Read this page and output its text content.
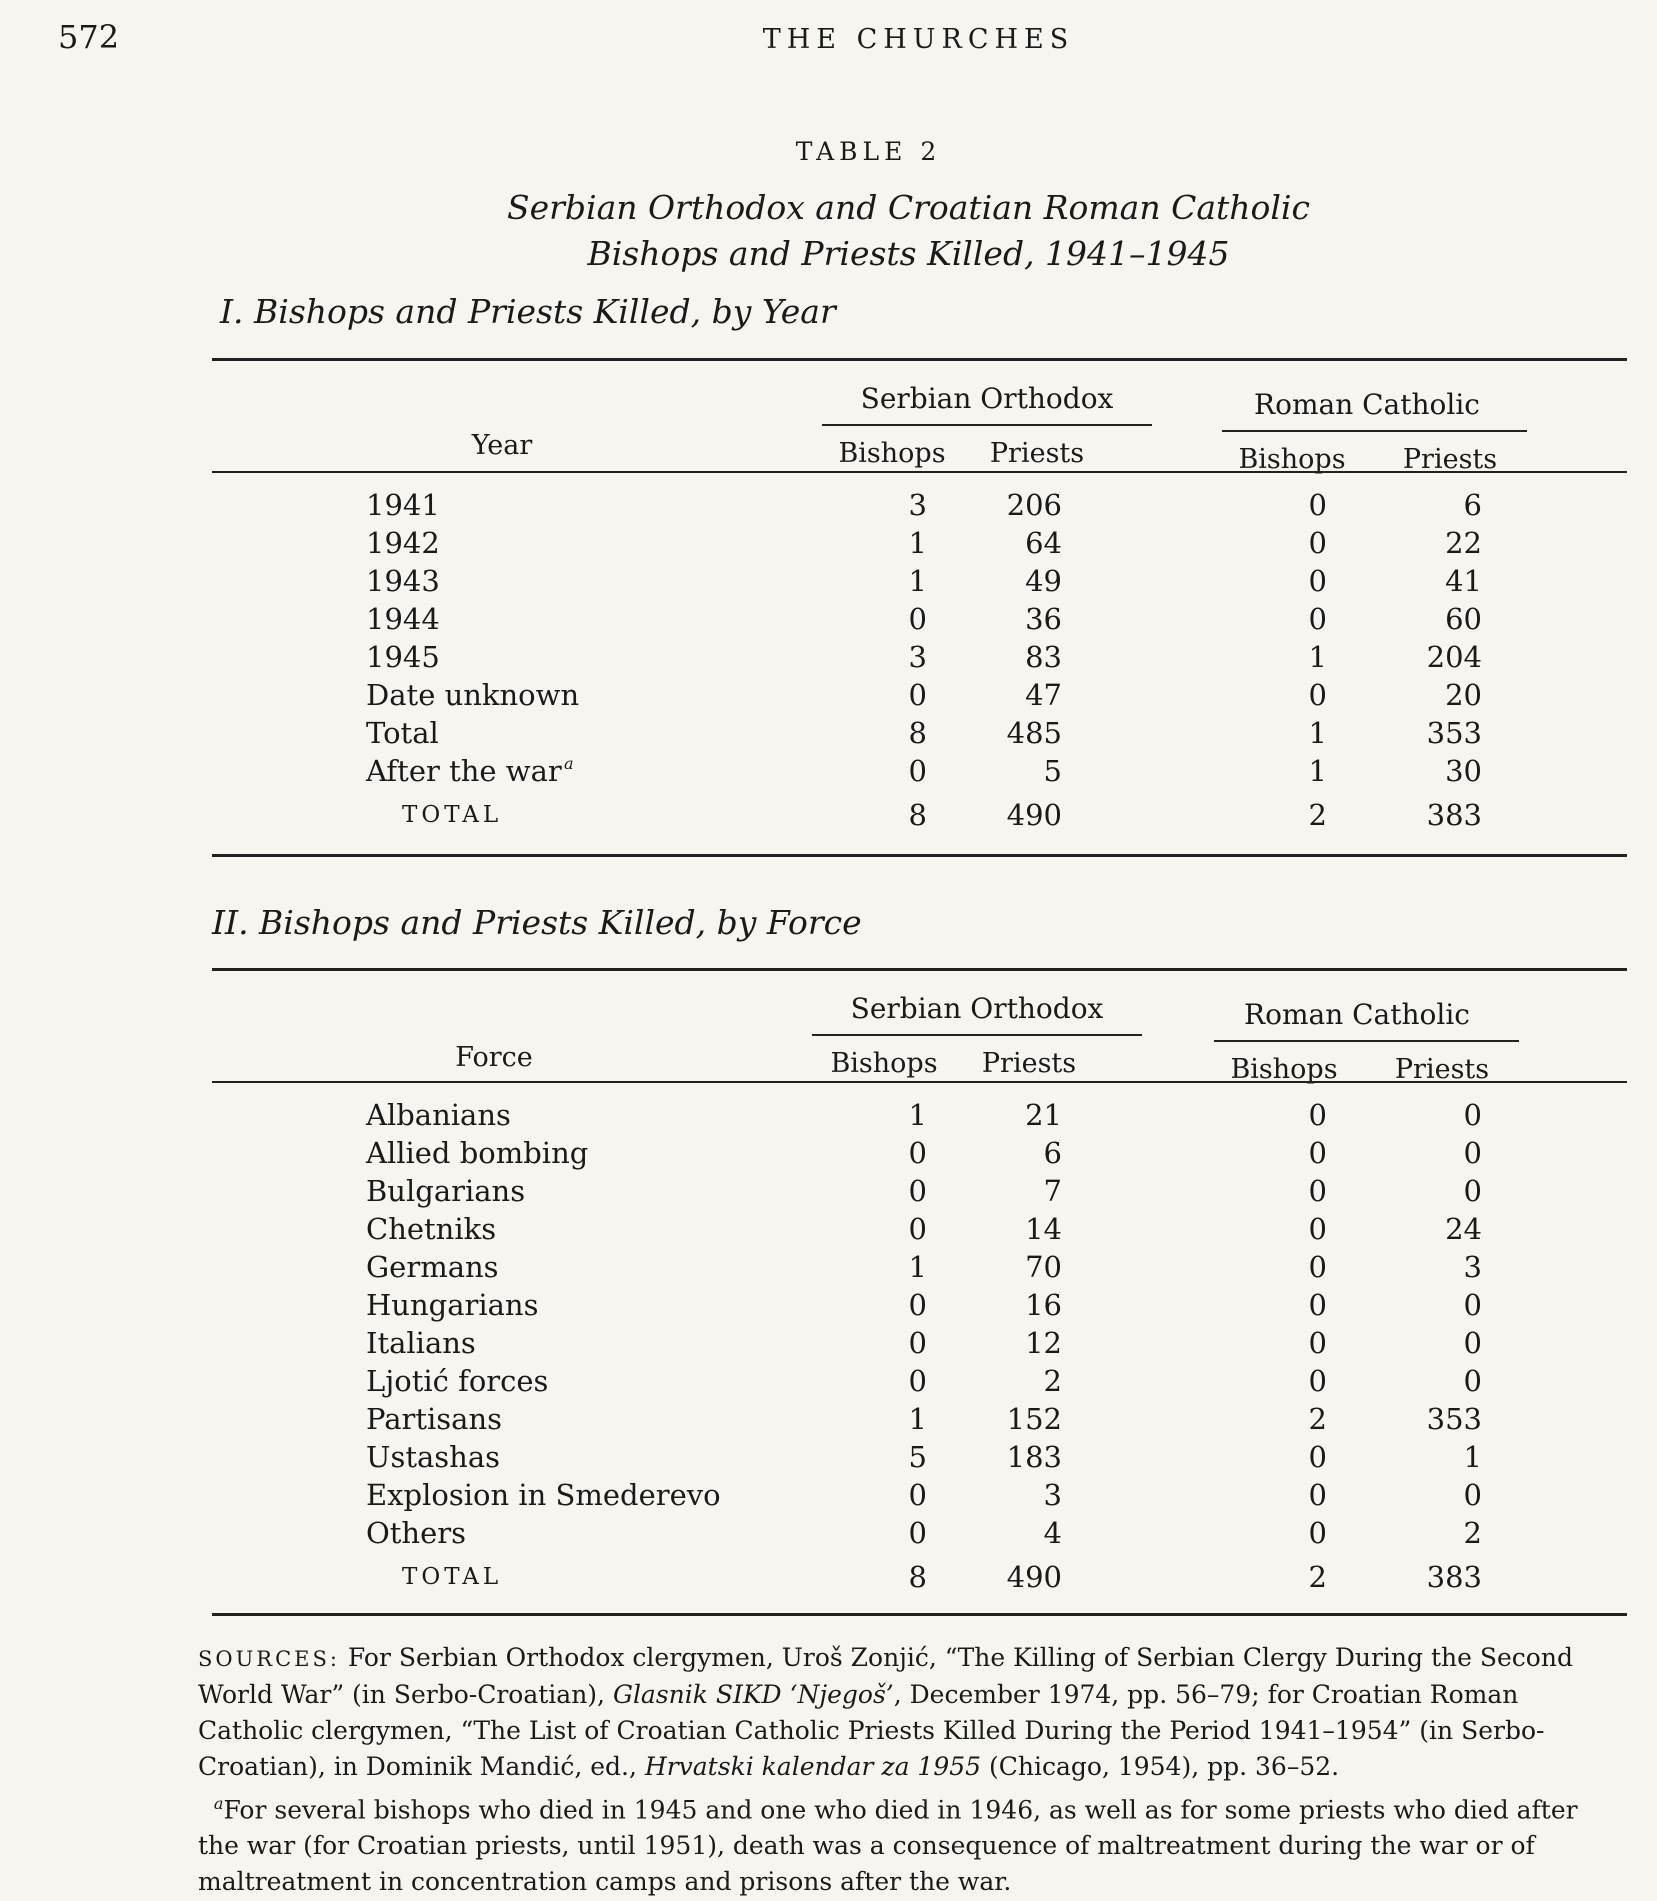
572	THE CHURCHES
TABLE 2
Serbian Orthodox and Croatian Roman Catholic
Bishops and Priests Killed, 1941–1945
I. Bishops and Priests Killed, by Year
Serbian Orthodox	Roman Catholic
Year	Bishops	Priests	Bishops	Priests
1941	3	206	0	6
1942	1	64	0	22
1943	1	49	0	41
1944	0	36	0	60
1945	3	83	1	204
Date unknown	0	47	0	20
Total	8	485	1	353
After the war a	0	5	1	30
TOTAL	8	490	2	383
II. Bishops and Priests Killed, by Force
Serbian Orthodox	Roman Catholic
Force	Bishops	Priests	Bishops	Priests
Albanians	1	21	0	0
Allied bombing	0	6	0	0
Bulgarians	0	7	0	0
Chetniks	0	14	0	24
Germans	1	70	0	3
Hungarians	0	16	0	0
Italians	0	12	0	0
Ljotić forces	0	2	0	0
Partisans	1	152	2	353
Ustashas	5	183	0	1
Explosion in Smederevo	0	3	0	0
Others	0	4	0	2
TOTAL	8	490	2	383
SOURCES: For Serbian Orthodox clergymen, Uroš Zonjić, “The Killing of Serbian Clergy During the Second World War” (in Serbo-Croatian), Glasnik SIKD ‘Njegoš’, December 1974, pp. 56–79; for Croatian Roman Catholic clergymen, “The List of Croatian Catholic Priests Killed During the Period 1941–1954” (in Serbo-Croatian), in Dominik Mandić, ed., Hrvatski kalendar za 1955 (Chicago, 1954), pp. 36–52.

$^a$For several bishops who died in 1945 and one who died in 1946, as well as for some priests who died after the war (for Croatian priests, until 1951), death was a consequence of maltreatment during the war or of maltreatment in concentration camps and prisons after the war.
